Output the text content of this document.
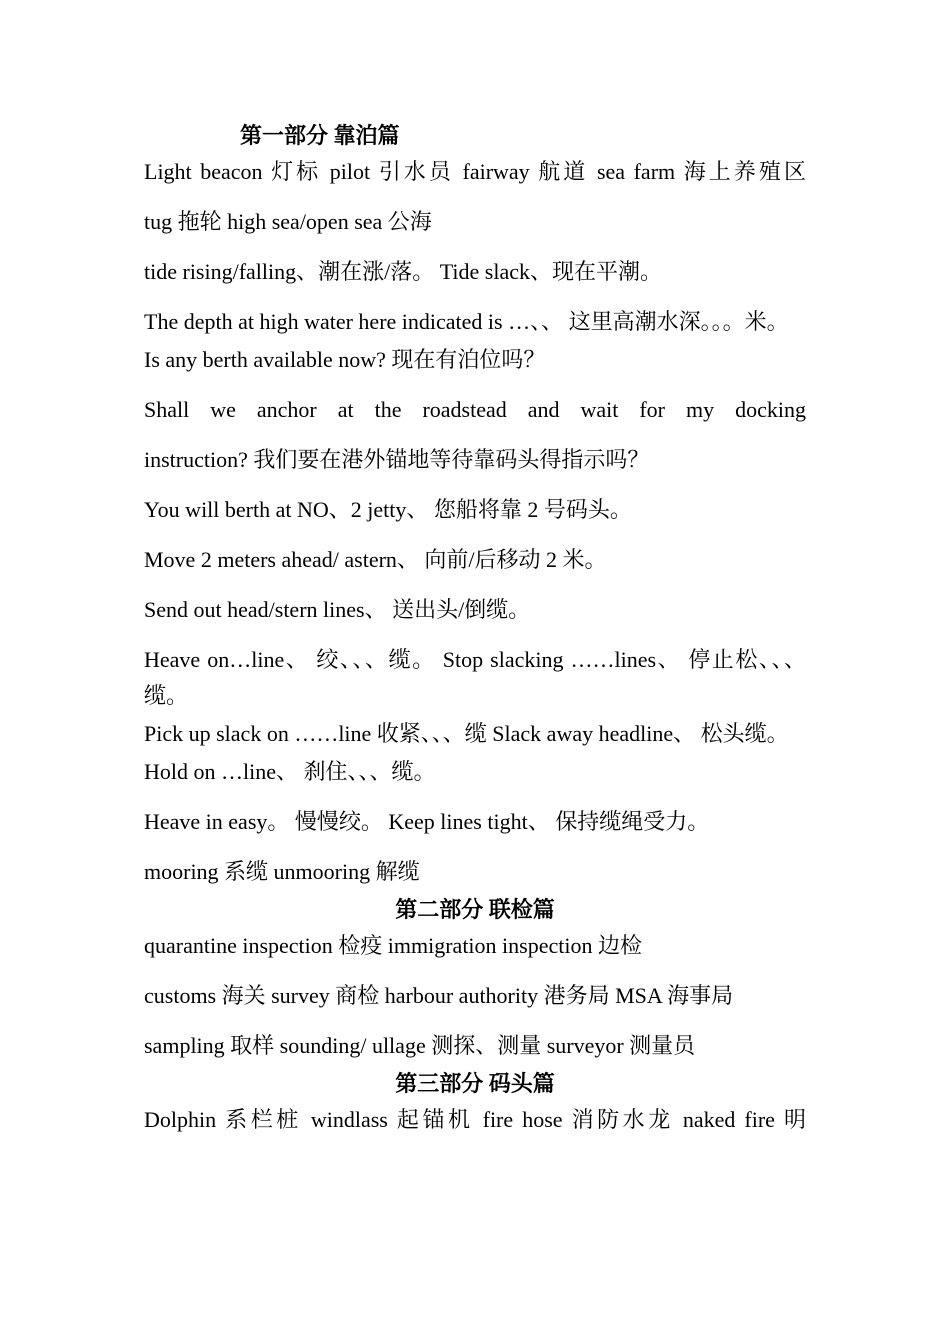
第一部分 靠泊篇

Light beacon 灯标 pilot 引水员 fairway 航道 sea farm 海上养殖区

tug 拖轮 high sea/open sea 公海

tide rising/falling、潮在涨/落。 Tide slack、现在平潮。

The depth at high water here indicated is …、、 这里高潮水深。。。米。

Is any berth available now? 现在有泊位吗？

Shall we anchor at the roadstead and wait for my docking

instruction? 我们要在港外锚地等待靠码头得指示吗？

You will berth at NO、2 jetty、 您船将靠 2 号码头。

Move 2 meters ahead/ astern、 向前/后移动 2 米。

Send out head/stern lines、 送出头/倒缆。

Heave on…line、 绞、、、缆。 Stop slacking ……lines、 停止松、、、缆。

Pick up slack on ……line 收紧、、、缆 Slack away headline、 松头缆。

Hold on …line、 刹住、、、缆。

Heave in easy。 慢慢绞。 Keep lines tight、 保持缆绳受力。

mooring 系缆 unmooring 解缆

第二部分 联检篇

quarantine inspection 检疫 immigration inspection 边检

customs 海关 survey 商检 harbour authority 港务局 MSA 海事局

sampling 取样 sounding/ ullage 测探、测量 surveyor 测量员

第三部分 码头篇

Dolphin 系栏桩 windlass 起锚机 fire hose 消防水龙 naked fire 明
